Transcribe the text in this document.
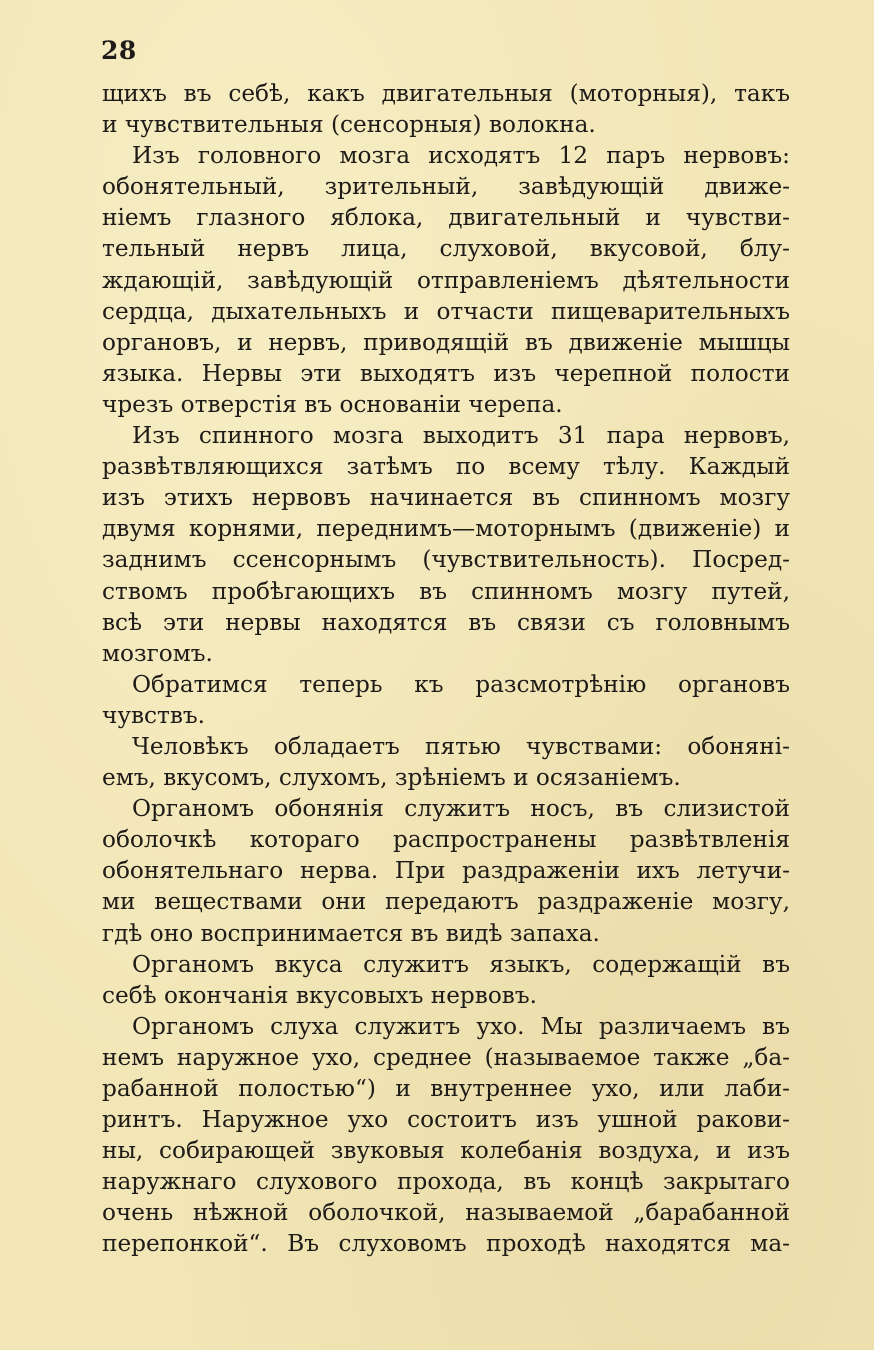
28
щихъ въ себѣ, какъ двигательныя (моторныя), такъ
и чувствительныя (сенсорныя) волокна.
Изъ головного мозга исходятъ 12 паръ нервовъ:
обонятельный, зрительный, завѣдующій движе-
ніемъ глазного яблока, двигательный и чувстви-
тельный нервъ лица, слуховой, вкусовой, блу-
ждающій, завѣдующій отправленіемъ дѣятельности
сердца, дыхательныхъ и отчасти пищеварительныхъ
органовъ, и нервъ, приводящій въ движеніе мышцы
языка. Нервы эти выходятъ изъ черепной полости
чрезъ отверстія въ основаніи черепа.
Изъ спинного мозга выходитъ 31 пара нервовъ,
развѣтвляющихся затѣмъ по всему тѣлу. Каждый
изъ этихъ нервовъ начинается въ спинномъ мозгу
двумя корнями, переднимъ—моторнымъ (движеніе) и
заднимъ ссенсорнымъ (чувствительность). Посред-
ствомъ пробѣгающихъ въ спинномъ мозгу путей,
всѣ эти нервы находятся въ связи съ головнымъ
мозгомъ.
Обратимся теперь къ разсмотрѣнію органовъ
чувствъ.
Человѣкъ обладаетъ пятью чувствами: обоняні-
емъ, вкусомъ, слухомъ, зрѣніемъ и осязаніемъ.
Органомъ обонянія служитъ носъ, въ слизистой
оболочкѣ котораго распространены развѣтвленія
обонятельнаго нерва. При раздраженіи ихъ летучи-
ми веществами они передаютъ раздраженіе мозгу,
гдѣ оно воспринимается въ видѣ запаха.
Органомъ вкуса служитъ языкъ, содержащій въ
себѣ окончанія вкусовыхъ нервовъ.
Органомъ слуха служитъ ухо. Мы различаемъ въ
немъ наружное ухо, среднее (называемое также „ба-
рабанной полостью“) и внутреннее ухо, или лаби-
ринтъ. Наружное ухо состоитъ изъ ушной ракови-
ны, собирающей звуковыя колебанія воздуха, и изъ
наружнаго слухового прохода, въ концѣ закрытаго
очень нѣжной оболочкой, называемой „барабанной
перепонкой“. Въ слуховомъ проходѣ находятся ма-
